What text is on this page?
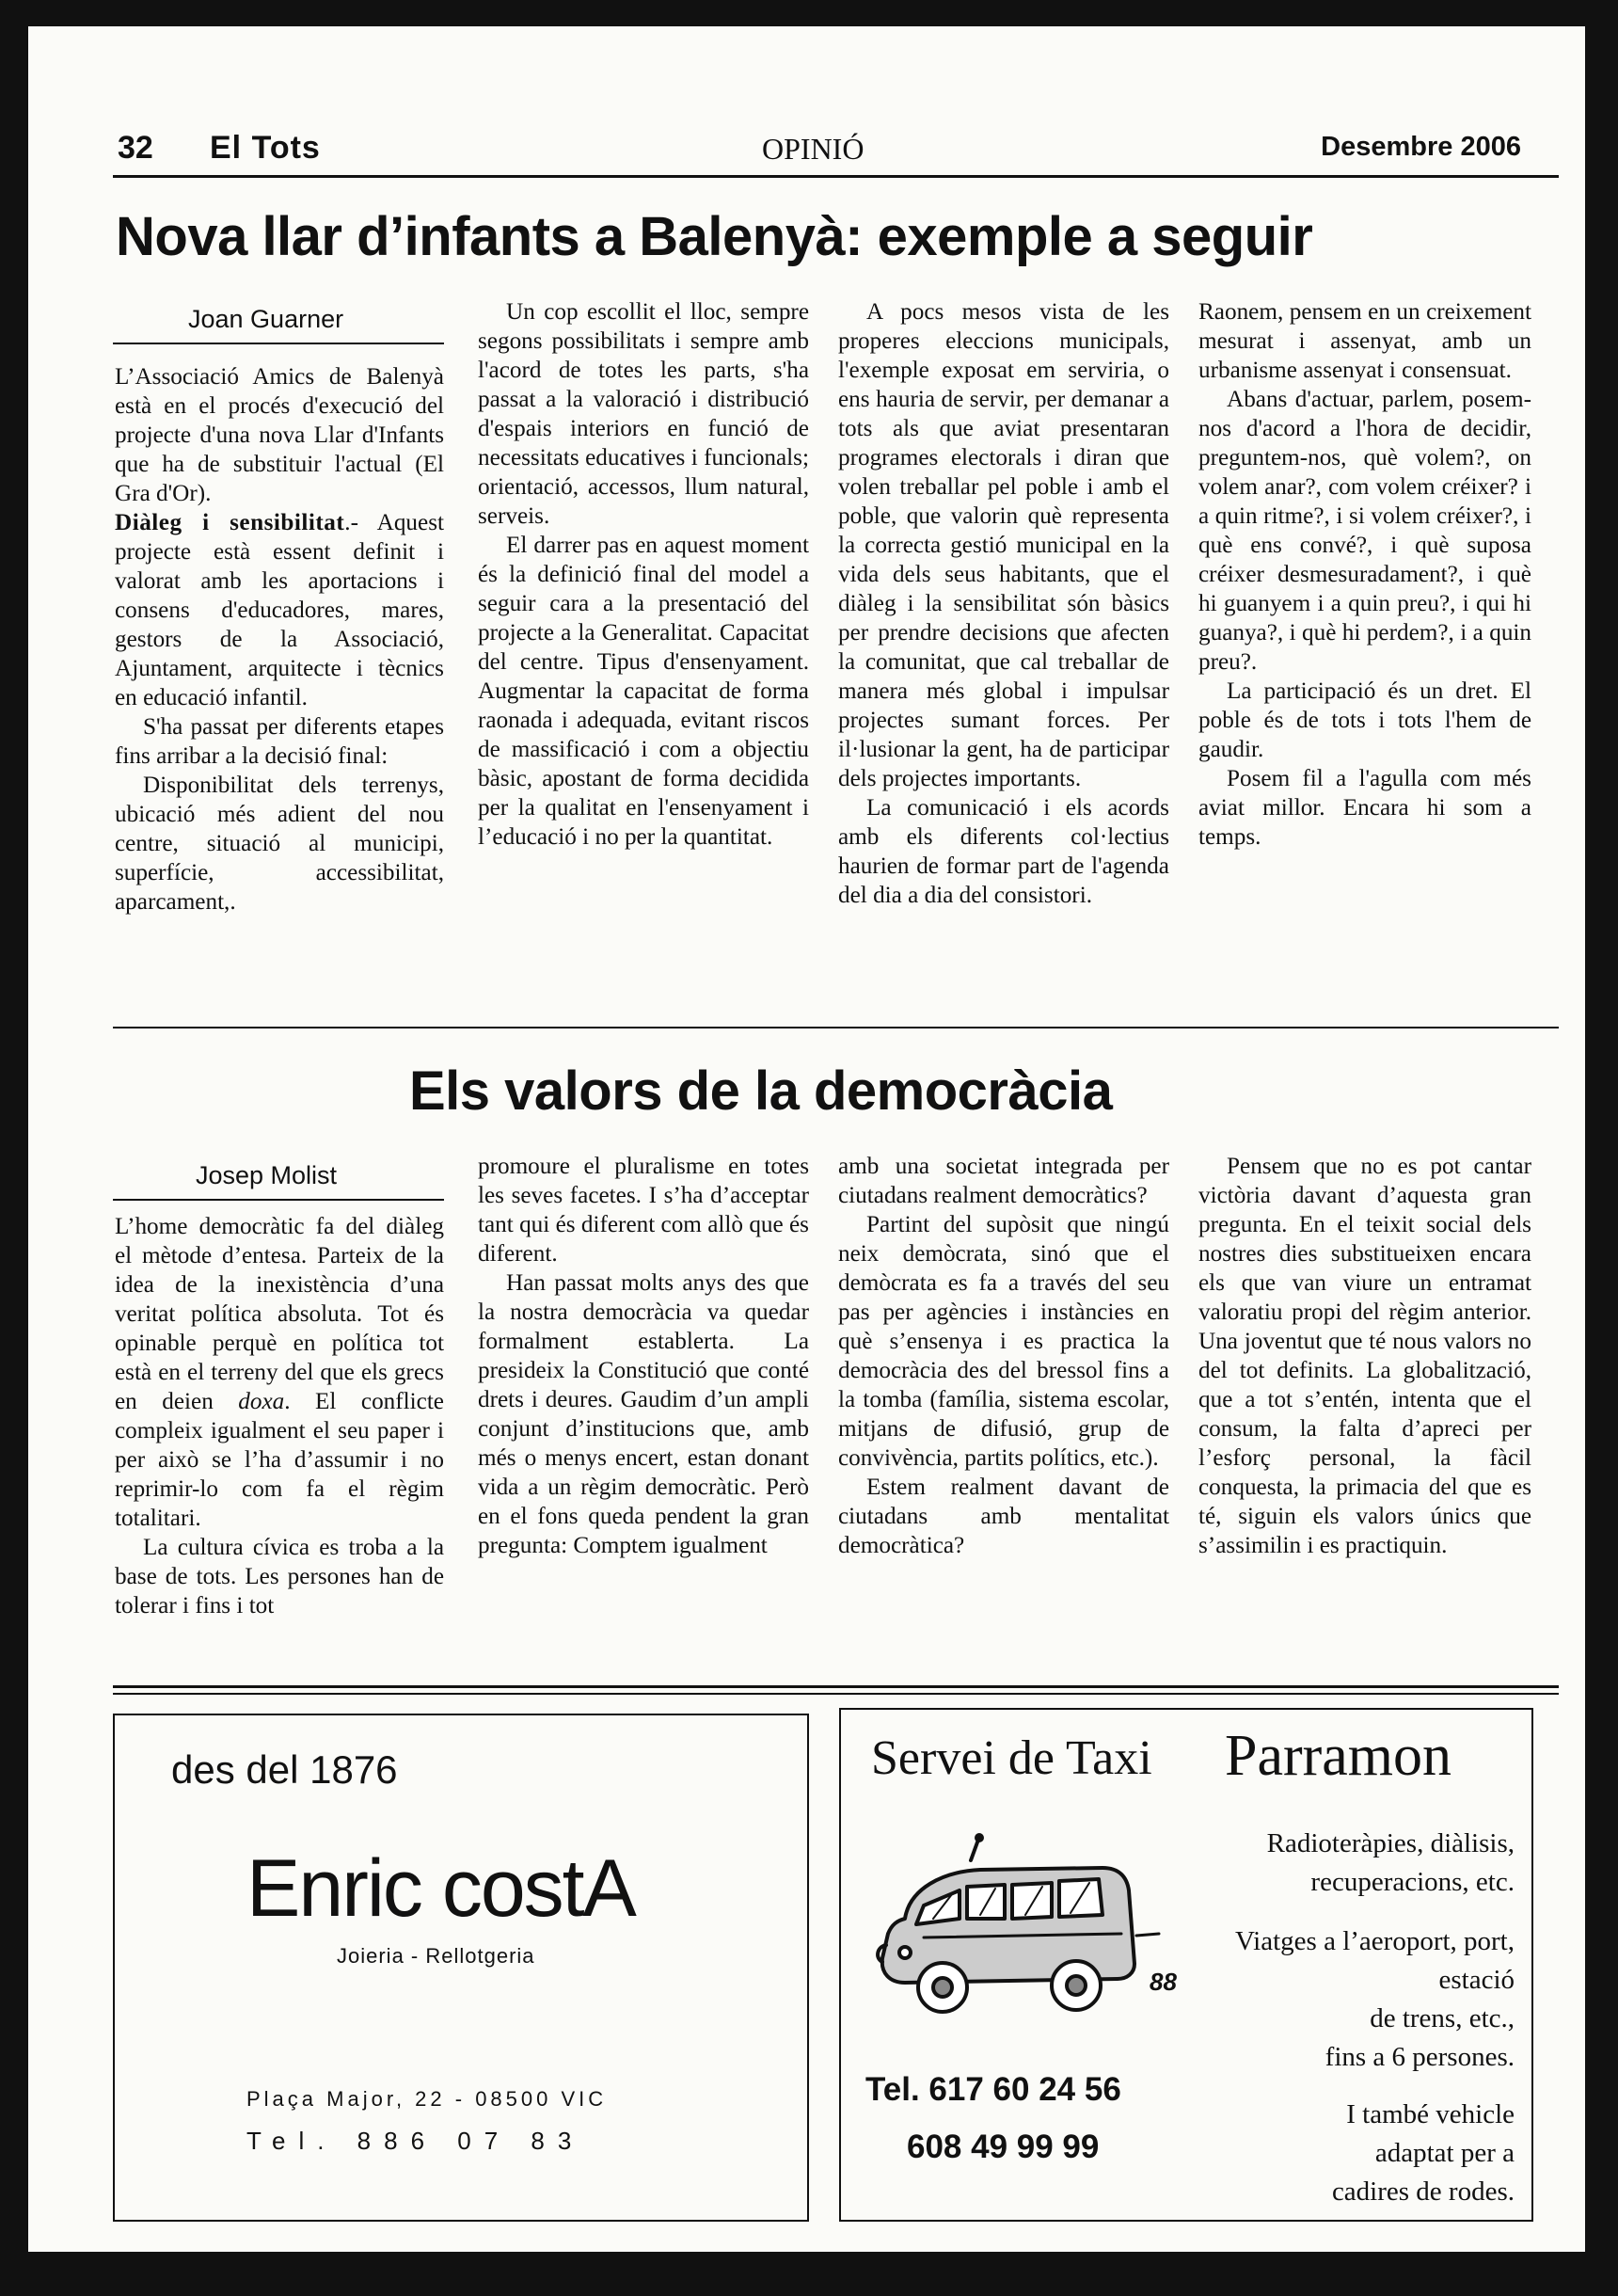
32 El Tots	OPINIÓ	Desembre 2006
Nova llar d’infants a Balenyà: exemple a seguir
Joan Guarner

L’Associació Amics de Balenyà està en el procés d'execució del projecte d'una nova Llar d'Infants que ha de substituir l'actual (El Gra d'Or).

Diàleg i sensibilitat.- Aquest projecte està essent definit i valorat amb les aportacions i consens d'educadores, mares, gestors de la Associació, Ajuntament, arquitecte i tècnics en educació infantil.

S'ha passat per diferents etapes fins arribar a la decisió final:

Disponibilitat dels terrenys, ubicació més adient del nou centre, situació al municipi, superfície, accessibilitat, aparcament,.

Un cop escollit el lloc, sempre segons possibilitats i sempre amb l'acord de totes les parts, s'ha passat a la valoració i distribució d'espais interiors en funció de necessitats educatives i funcionals; orientació, accessos, llum natural, serveis.

El darrer pas en aquest moment és la definició final del model a seguir cara a la presentació del projecte a la Generalitat. Capacitat del centre. Tipus d'ensenyament. Augmentar la capacitat de forma raonada i adequada, evitant riscos de massificació i com a objectiu bàsic, apostant de forma decidida per la qualitat en l'ensenyament i l’educació i no per la quantitat.

A pocs mesos vista de les properes eleccions municipals, l'exemple exposat em serviria, o ens hauria de servir, per demanar a tots als que aviat presentaran programes electorals i diran que volen treballar pel poble i amb el poble, que valorin què representa la correcta gestió municipal en la vida dels seus habitants, que el diàleg i la sensibilitat són bàsics per prendre decisions que afecten la comunitat, que cal treballar de manera més global i impulsar projectes sumant forces. Per il·lusionar la gent, ha de participar dels projectes importants.

La comunicació i els acords amb els diferents col·lectius haurien de formar part de l'agenda del dia a dia del consistori.

Raonem, pensem en un creixement mesurat i assenyat, amb un urbanisme assenyat i consensuat.

Abans d'actuar, parlem, posem-nos d'acord a l'hora de decidir, preguntem-nos, què volem?, on volem anar?, com volem créixer? i a quin ritme?, i si volem créixer?, i què ens convé?, i què suposa créixer desmesuradament?, i què hi guanyem i a quin preu?, i qui hi guanya?, i què hi perdem?, i a quin preu?.

La participació és un dret. El poble és de tots i tots l'hem de gaudir.

Posem fil a l'agulla com més aviat millor. Encara hi som a temps.

Els valors de la democràcia
Josep Molist

L’home democràtic fa del diàleg el mètode d’entesa. Parteix de la idea de la inexistència d’una veritat política absoluta. Tot és opinable perquè en política tot està en el terreny del que els grecs en deien doxa. El conflicte compleix igualment el seu paper i per això se l’ha d’assumir i no reprimir-lo com fa el règim totalitari.

La cultura cívica es troba a la base de tots. Les persones han de tolerar i fins i tot

promoure el pluralisme en totes les seves facetes. I s’ha d’acceptar tant qui és diferent com allò que és diferent.

Han passat molts anys des que la nostra democràcia va quedar formalment establerta. La presideix la Constitució que conté drets i deures. Gaudim d’un ampli conjunt d’institucions que, amb més o menys encert, estan donant vida a un règim democràtic. Però en el fons queda pendent la gran pregunta: Comptem igualment

amb una societat integrada per ciutadans realment democràtics?

Partint del supòsit que ningú neix demòcrata, sinó que el demòcrata es fa a través del seu pas per agències i instàncies en què s’ensenya i es practica la democràcia des del bressol fins a la tomba (família, sistema escolar, mitjans de difusió, grup de convivència, partits polítics, etc.).

Estem realment davant de ciutadans amb mentalitat democràtica?

Pensem que no es pot cantar victòria davant d’aquesta gran pregunta. En el teixit social dels nostres dies substitueixen encara els que van viure un entramat valoratiu propi del règim anterior. Una joventut que té nous valors no del tot definits. La globalització, que a tot s’entén, intenta que el consum, la falta d’apreci per l’esforç personal, la fàcil conquesta, la primacia del que es té, siguin els valors únics que s’assimilin i es practiquin.

des del 1876
Enric costA
Joieria - Rellotgeria
Plaça Major, 22 - 08500 VIC
Tel. 886 07 83
Servei de Taxi Parramon
Radioteràpies, diàlisis,
recuperacions, etc.
Viatges a l’aeroport, port,
estació
de trens, etc.,
fins a 6 persones.
I també vehicle
adaptat per a
cadires de rodes.
88
Tel. 617 60 24 56
608 49 99 99
